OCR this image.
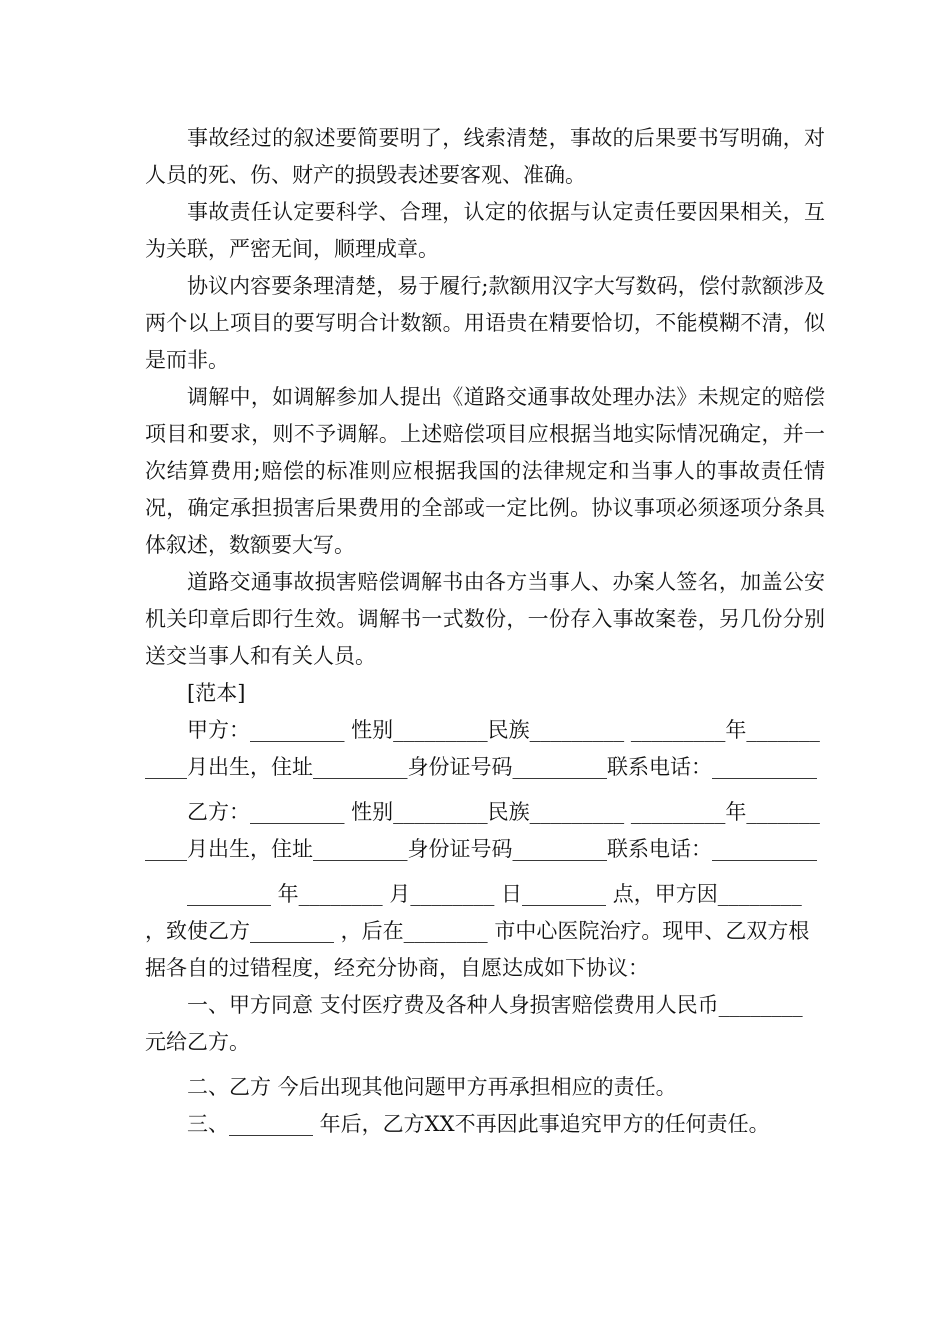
事故经过的叙述要简要明了，线索清楚，事故的后果要书写明确，对人员的死、伤、财产的损毁表述要客观、准确。

事故责任认定要科学、合理，认定的依据与认定责任要因果相关，互为关联，严密无间，顺理成章。

协议内容要条理清楚，易于履行;款额用汉字大写数码，偿付款额涉及两个以上项目的要写明合计数额。用语贵在精要恰切，不能模糊不清，似是而非。

调解中，如调解参加人提出《道路交通事故处理办法》未规定的赔偿项目和要求，则不予调解。上述赔偿项目应根据当地实际情况确定，并一次结算费用;赔偿的标准则应根据我国的法律规定和当事人的事故责任情况，确定承担损害后果费用的全部或一定比例。协议事项必须逐项分条具体叙述，数额要大写。

道路交通事故损害赔偿调解书由各方当事人、办案人签名，加盖公安机关印章后即行生效。调解书一式数份，一份存入事故案卷，另几份分别送交当事人和有关人员。

[范本]

甲方：_________ 性别_________民族_________ _________年___________月出生，住址_________身份证号码_________联系电话：__________

乙方：_________ 性别_________民族_________ _________年___________月出生，住址_________身份证号码_________联系电话：__________

________ 年________ 月________ 日________ 点，甲方因________ ，致使乙方________ ，后在________ 市中心医院治疗。现甲、乙双方根据各自的过错程度，经充分协商，自愿达成如下协议：

一、甲方同意 支付医疗费及各种人身损害赔偿费用人民币________ 元给乙方。

二、乙方 今后出现其他问题甲方再承担相应的责任。

三、________ 年后，乙方XX不再因此事追究甲方的任何责任。
